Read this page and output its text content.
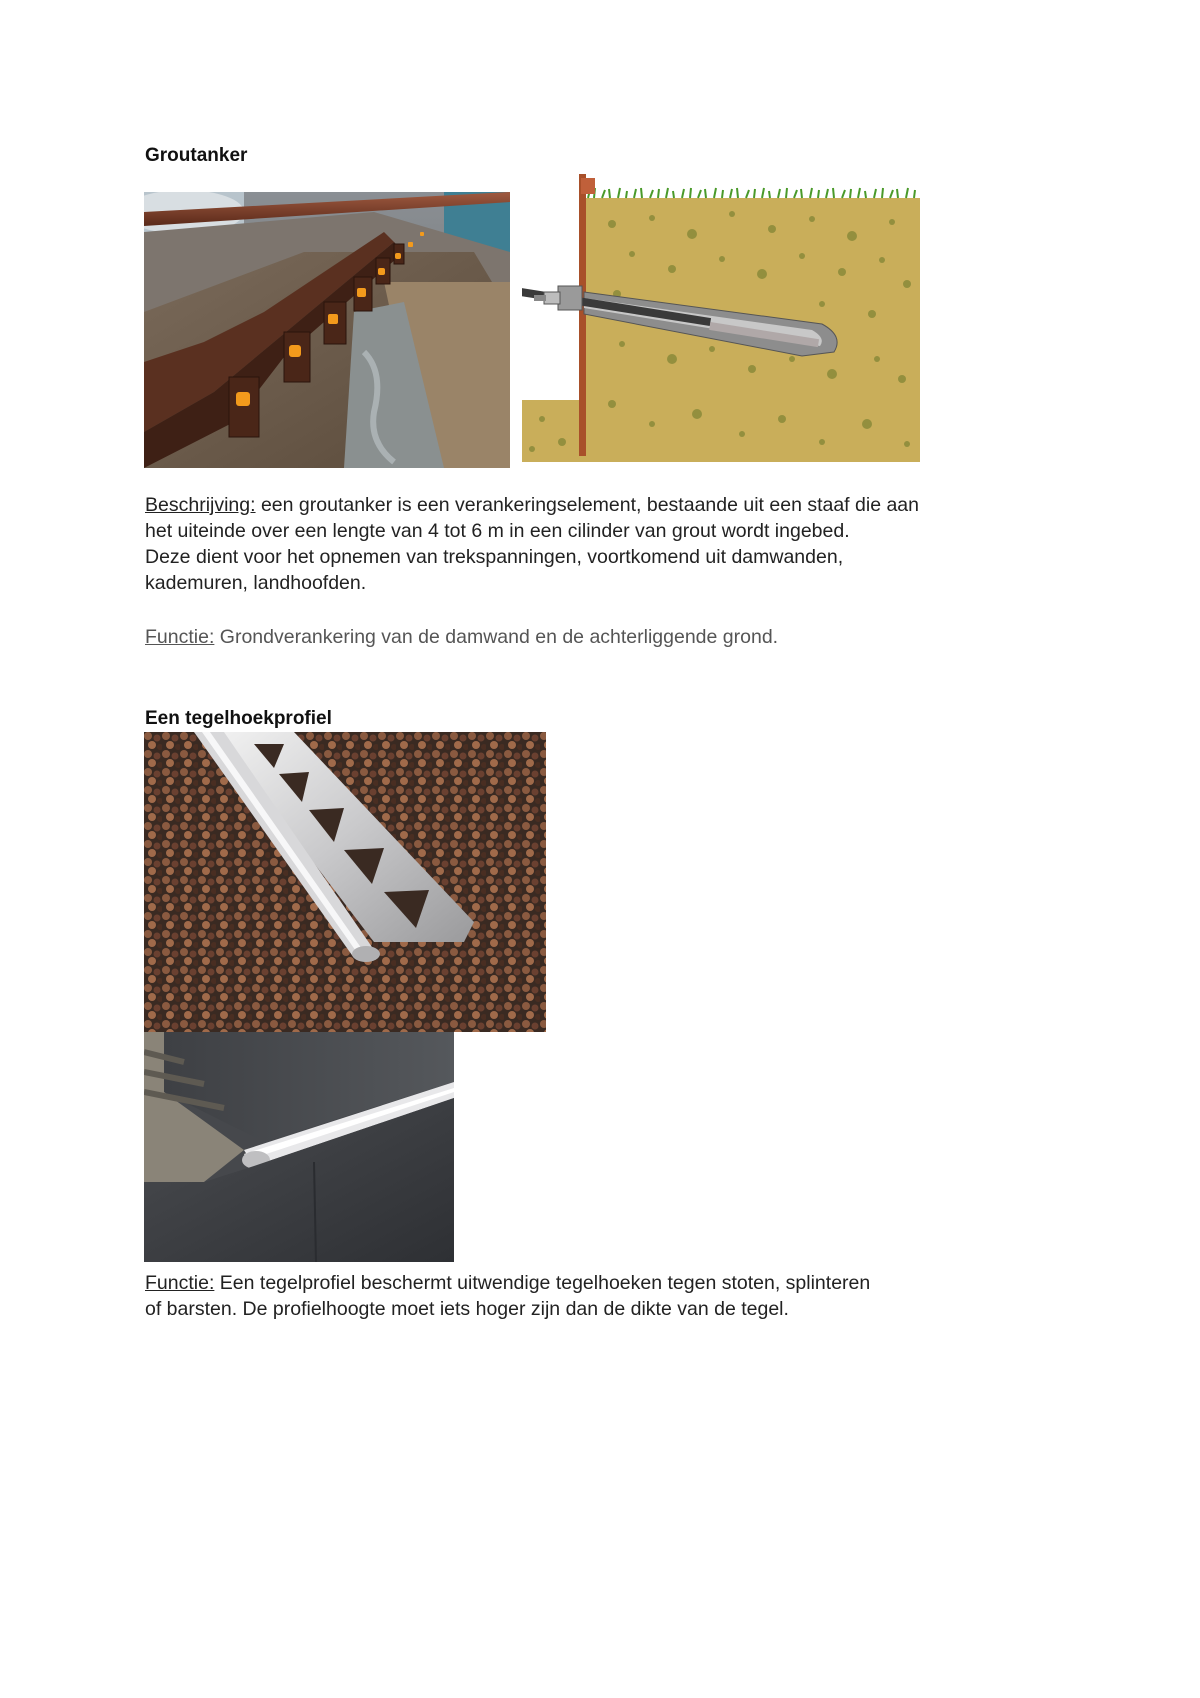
Groutanker
Beschrijving: een groutanker is een verankeringselement, bestaande uit een staaf die aan
het uiteinde over een lengte van 4 tot 6 m in een cilinder van grout wordt ingebed.
Deze dient voor het opnemen van trekspanningen, voortkomend uit damwanden,
kademuren, landhoofden.
Functie: Grondverankering van de damwand en de achterliggende grond.
Een tegelhoekprofiel
Functie: Een tegelprofiel beschermt uitwendige tegelhoeken tegen stoten, splinteren
of barsten. De profielhoogte moet iets hoger zijn dan de dikte van de tegel.
